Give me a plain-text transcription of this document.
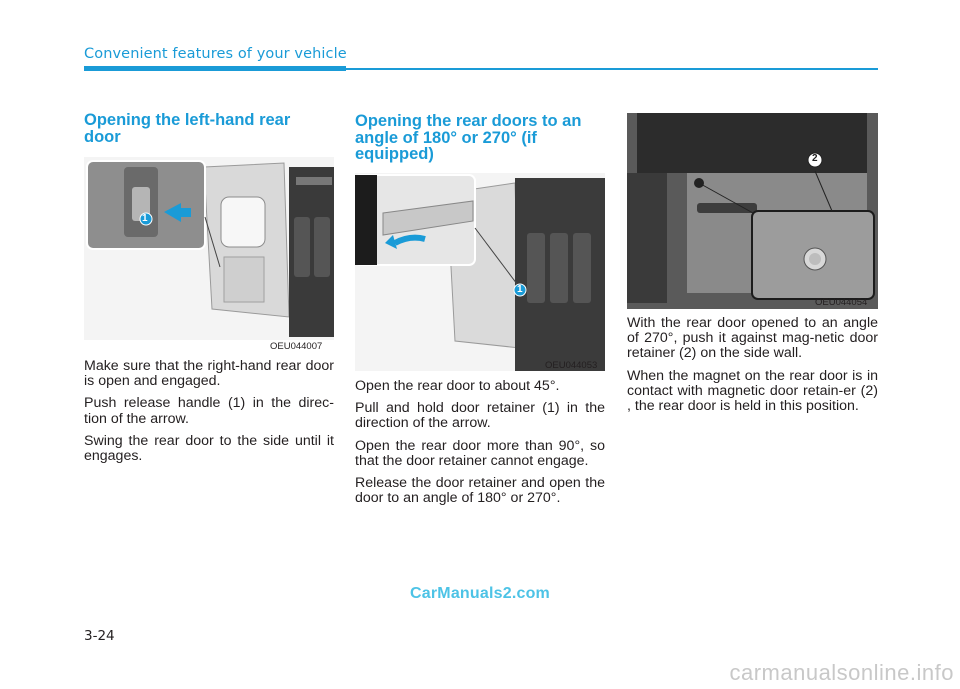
Convenient features of your vehicle
Opening the left-hand rear door
OEU044007
1

Make sure that the right-hand rear door is open and engaged.

Push release handle (1) in the direc-tion of the arrow.

Swing the rear door to the side until it engages.

Opening the rear doors to an angle of 180° or 270° (if equipped)
OEU044053
1

Open the rear door to about 45°.

Pull and hold door retainer (1) in the direction of the arrow.

Open the rear door more than 90°, so that the door retainer cannot engage.

Release the door retainer and open the door to an angle of 180° or 270°.

2
OEU044054

With the rear door opened to an angle of 270°, push it against mag-netic door retainer (2) on the side wall.

When the magnet on the rear door is in contact with magnetic door retain-er (2) , the rear door is held in this position.

CarManuals2.com
3-24
carmanualsonline.info
